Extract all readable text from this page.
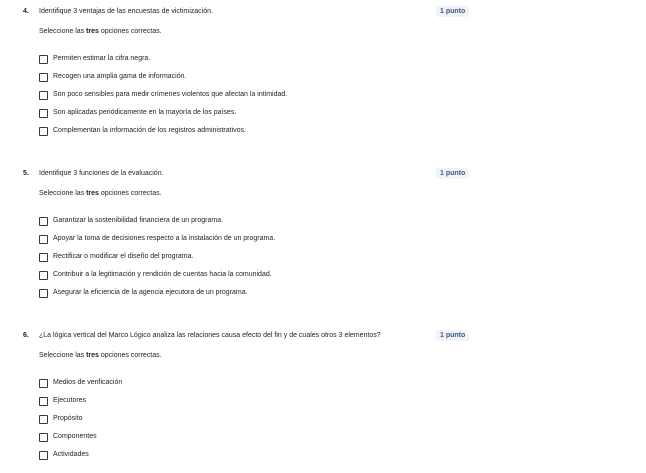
4. Identifique 3 ventajas de las encuestas de victimización.	1 punto
Seleccione las tres opciones correctas.
Permiten estimar la cifra negra.
Recogen una amplia gama de información.
Son poco sensibles para medir crímenes violentos que afectan la intimidad.
Son aplicadas periódicamente en la mayoría de los países.
Complementan la información de los registros administrativos.
5. Identifique 3 funciones de la evaluación.	1 punto
Seleccione las tres opciones correctas.
Garantizar la sostenibilidad financiera de un programa.
Apoyar la toma de decisiones respecto a la instalación de un programa.
Rectificar o modificar el diseño del programa.
Contribuir a la legitimación y rendición de cuentas hacia la comunidad.
Asegurar la eficiencia de la agencia ejecutora de un programa.
6. ¿La lógica vertical del Marco Lógico analiza las relaciones causa efecto del fin y de cuales otros 3 elementos?	1 punto
Seleccione las tres opciones correctas.
Medios de verificación
Ejecutores
Propósito
Componentes
Actividades
